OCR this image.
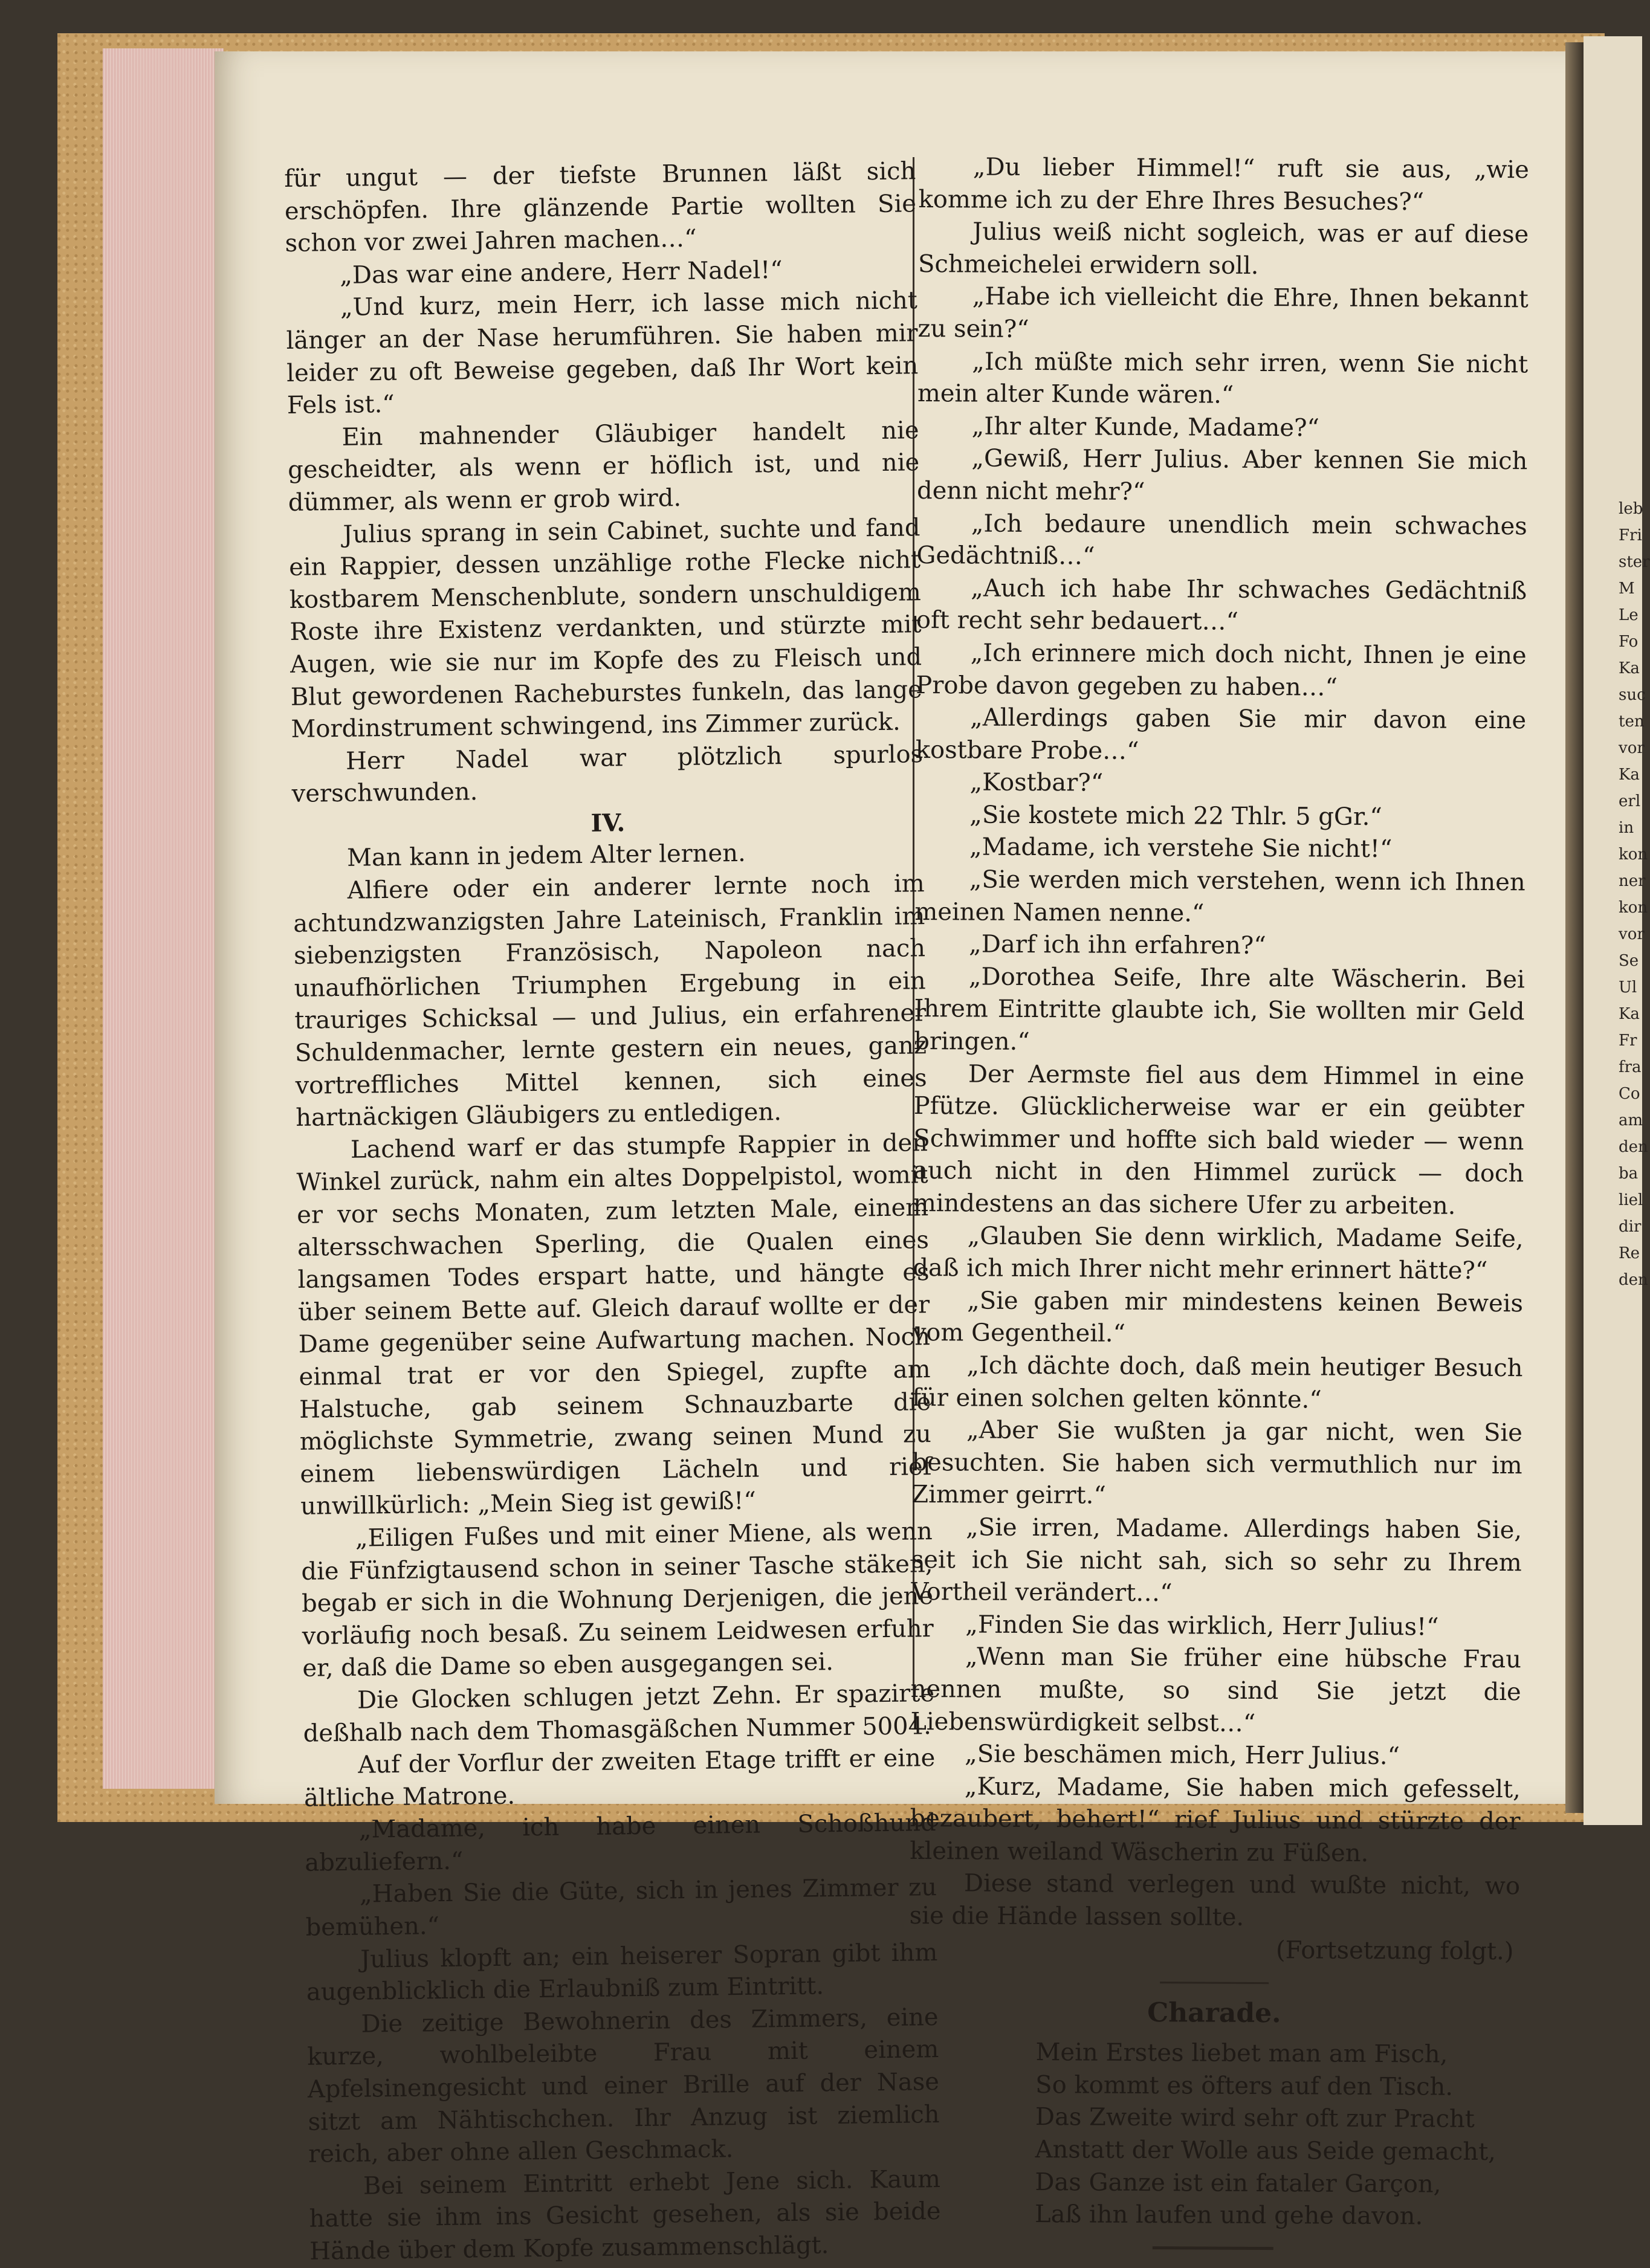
leb
Fri
ster
M
Le
Fo
Ka
suc
ten
vor
Ka
erl
in
kon
ner
kon
vor
Se
Ul
Ka
Fr
fra
Co
am
den
ba
liel
dir
Re
den

für ungut — der tiefste Brunnen läßt sich erschöpfen. Ihre glänzende Partie wollten Sie schon vor zwei Jahren machen…“

„Das war eine andere, Herr Nadel!“

„Und kurz, mein Herr, ich lasse mich nicht länger an der Nase herumführen. Sie haben mir leider zu oft Beweise gegeben, daß Ihr Wort kein Fels ist.“

Ein mahnender Gläubiger handelt nie gescheidter, als wenn er höflich ist, und nie dümmer, als wenn er grob wird.

Julius sprang in sein Cabinet, suchte und fand ein Rappier, dessen unzählige rothe Flecke nicht kostbarem Menschenblute, sondern unschuldigem Roste ihre Existenz verdankten, und stürzte mit Augen, wie sie nur im Kopfe des zu Fleisch und Blut gewordenen Racheburstes funkeln, das lange Mordinstrument schwingend, ins Zimmer zurück.

Herr Nadel war plötzlich spurlos verschwunden.

IV.

Man kann in jedem Alter lernen.

Alfiere oder ein anderer lernte noch im achtundzwanzigsten Jahre Lateinisch, Franklin im siebenzigsten Französisch, Napoleon nach unaufhörlichen Triumphen Ergebung in ein trauriges Schicksal — und Julius, ein erfahrener Schuldenmacher, lernte gestern ein neues, ganz vortreffliches Mittel kennen, sich eines hartnäckigen Gläubigers zu entledigen.

Lachend warf er das stumpfe Rappier in den Winkel zurück, nahm ein altes Doppelpistol, womit er vor sechs Monaten, zum letzten Male, einem altersschwachen Sperling, die Qualen eines langsamen Todes erspart hatte, und hängte es über seinem Bette auf. Gleich darauf wollte er der Dame gegenüber seine Aufwartung machen. Noch einmal trat er vor den Spiegel, zupfte am Halstuche, gab seinem Schnauzbarte die möglichste Symmetrie, zwang seinen Mund zu einem liebenswürdigen Lächeln und rief unwillkürlich: „Mein Sieg ist gewiß!“

„Eiligen Fußes und mit einer Miene, als wenn die Fünfzigtausend schon in seiner Tasche stäken, begab er sich in die Wohnung Derjenigen, die jene vorläufig noch besaß. Zu seinem Leidwesen erfuhr er, daß die Dame so eben ausgegangen sei.

Die Glocken schlugen jetzt Zehn. Er spazirte deßhalb nach dem Thomasgäßchen Nummer 5004.

Auf der Vorflur der zweiten Etage trifft er eine ältliche Matrone.

„Madame, ich habe einen Schoßhund abzuliefern.“

„Haben Sie die Güte, sich in jenes Zimmer zu bemühen.“

Julius klopft an; ein heiserer Sopran gibt ihm augenblicklich die Erlaubniß zum Eintritt.

Die zeitige Bewohnerin des Zimmers, eine kurze, wohlbeleibte Frau mit einem Apfelsinengesicht und einer Brille auf der Nase sitzt am Nähtischchen. Ihr Anzug ist ziemlich reich, aber ohne allen Geschmack.

Bei seinem Eintritt erhebt Jene sich. Kaum hatte sie ihm ins Gesicht gesehen, als sie beide Hände über dem Kopfe zusammenschlägt.

„Du lieber Himmel!“ ruft sie aus, „wie komme ich zu der Ehre Ihres Besuches?“

Julius weiß nicht sogleich, was er auf diese Schmeichelei erwidern soll.

„Habe ich vielleicht die Ehre, Ihnen bekannt zu sein?“

„Ich müßte mich sehr irren, wenn Sie nicht mein alter Kunde wären.“

„Ihr alter Kunde, Madame?“

„Gewiß, Herr Julius. Aber kennen Sie mich denn nicht mehr?“

„Ich bedaure unendlich mein schwaches Gedächtniß…“

„Auch ich habe Ihr schwaches Gedächtniß oft recht sehr bedauert…“

„Ich erinnere mich doch nicht, Ihnen je eine Probe davon gegeben zu haben…“

„Allerdings gaben Sie mir davon eine kostbare Probe…“

„Kostbar?“

„Sie kostete mich 22 Thlr. 5 gGr.“

„Madame, ich verstehe Sie nicht!“

„Sie werden mich verstehen, wenn ich Ihnen meinen Namen nenne.“

„Darf ich ihn erfahren?“

„Dorothea Seife, Ihre alte Wäscherin. Bei Ihrem Eintritte glaubte ich, Sie wollten mir Geld bringen.“

Der Aermste fiel aus dem Himmel in eine Pfütze. Glücklicherweise war er ein geübter Schwimmer und hoffte sich bald wieder — wenn auch nicht in den Himmel zurück — doch mindestens an das sichere Ufer zu arbeiten.

„Glauben Sie denn wirklich, Madame Seife, daß ich mich Ihrer nicht mehr erinnert hätte?“

„Sie gaben mir mindestens keinen Beweis vom Gegentheil.“

„Ich dächte doch, daß mein heutiger Besuch für einen solchen gelten könnte.“

„Aber Sie wußten ja gar nicht, wen Sie besuchten. Sie haben sich vermuthlich nur im Zimmer geirrt.“

„Sie irren, Madame. Allerdings haben Sie, seit ich Sie nicht sah, sich so sehr zu Ihrem Vortheil verändert…“

„Finden Sie das wirklich, Herr Julius!“

„Wenn man Sie früher eine hübsche Frau nennen mußte, so sind Sie jetzt die Liebenswürdigkeit selbst…“

„Sie beschämen mich, Herr Julius.“

„Kurz, Madame, Sie haben mich gefesselt, bezaubert, behert!“ rief Julius und stürzte der kleinen weiland Wäscherin zu Füßen.

Diese stand verlegen und wußte nicht, wo sie die Hände lassen sollte.

(Fortsetzung folgt.)

Charade.
Mein Erstes liebet man am Fisch,
So kommt es öfters auf den Tisch.
Das Zweite wird sehr oft zur Pracht
Anstatt der Wolle aus Seide gemacht,
Das Ganze ist ein fataler Garçon,
Laß ihn laufen und gehe davon.
